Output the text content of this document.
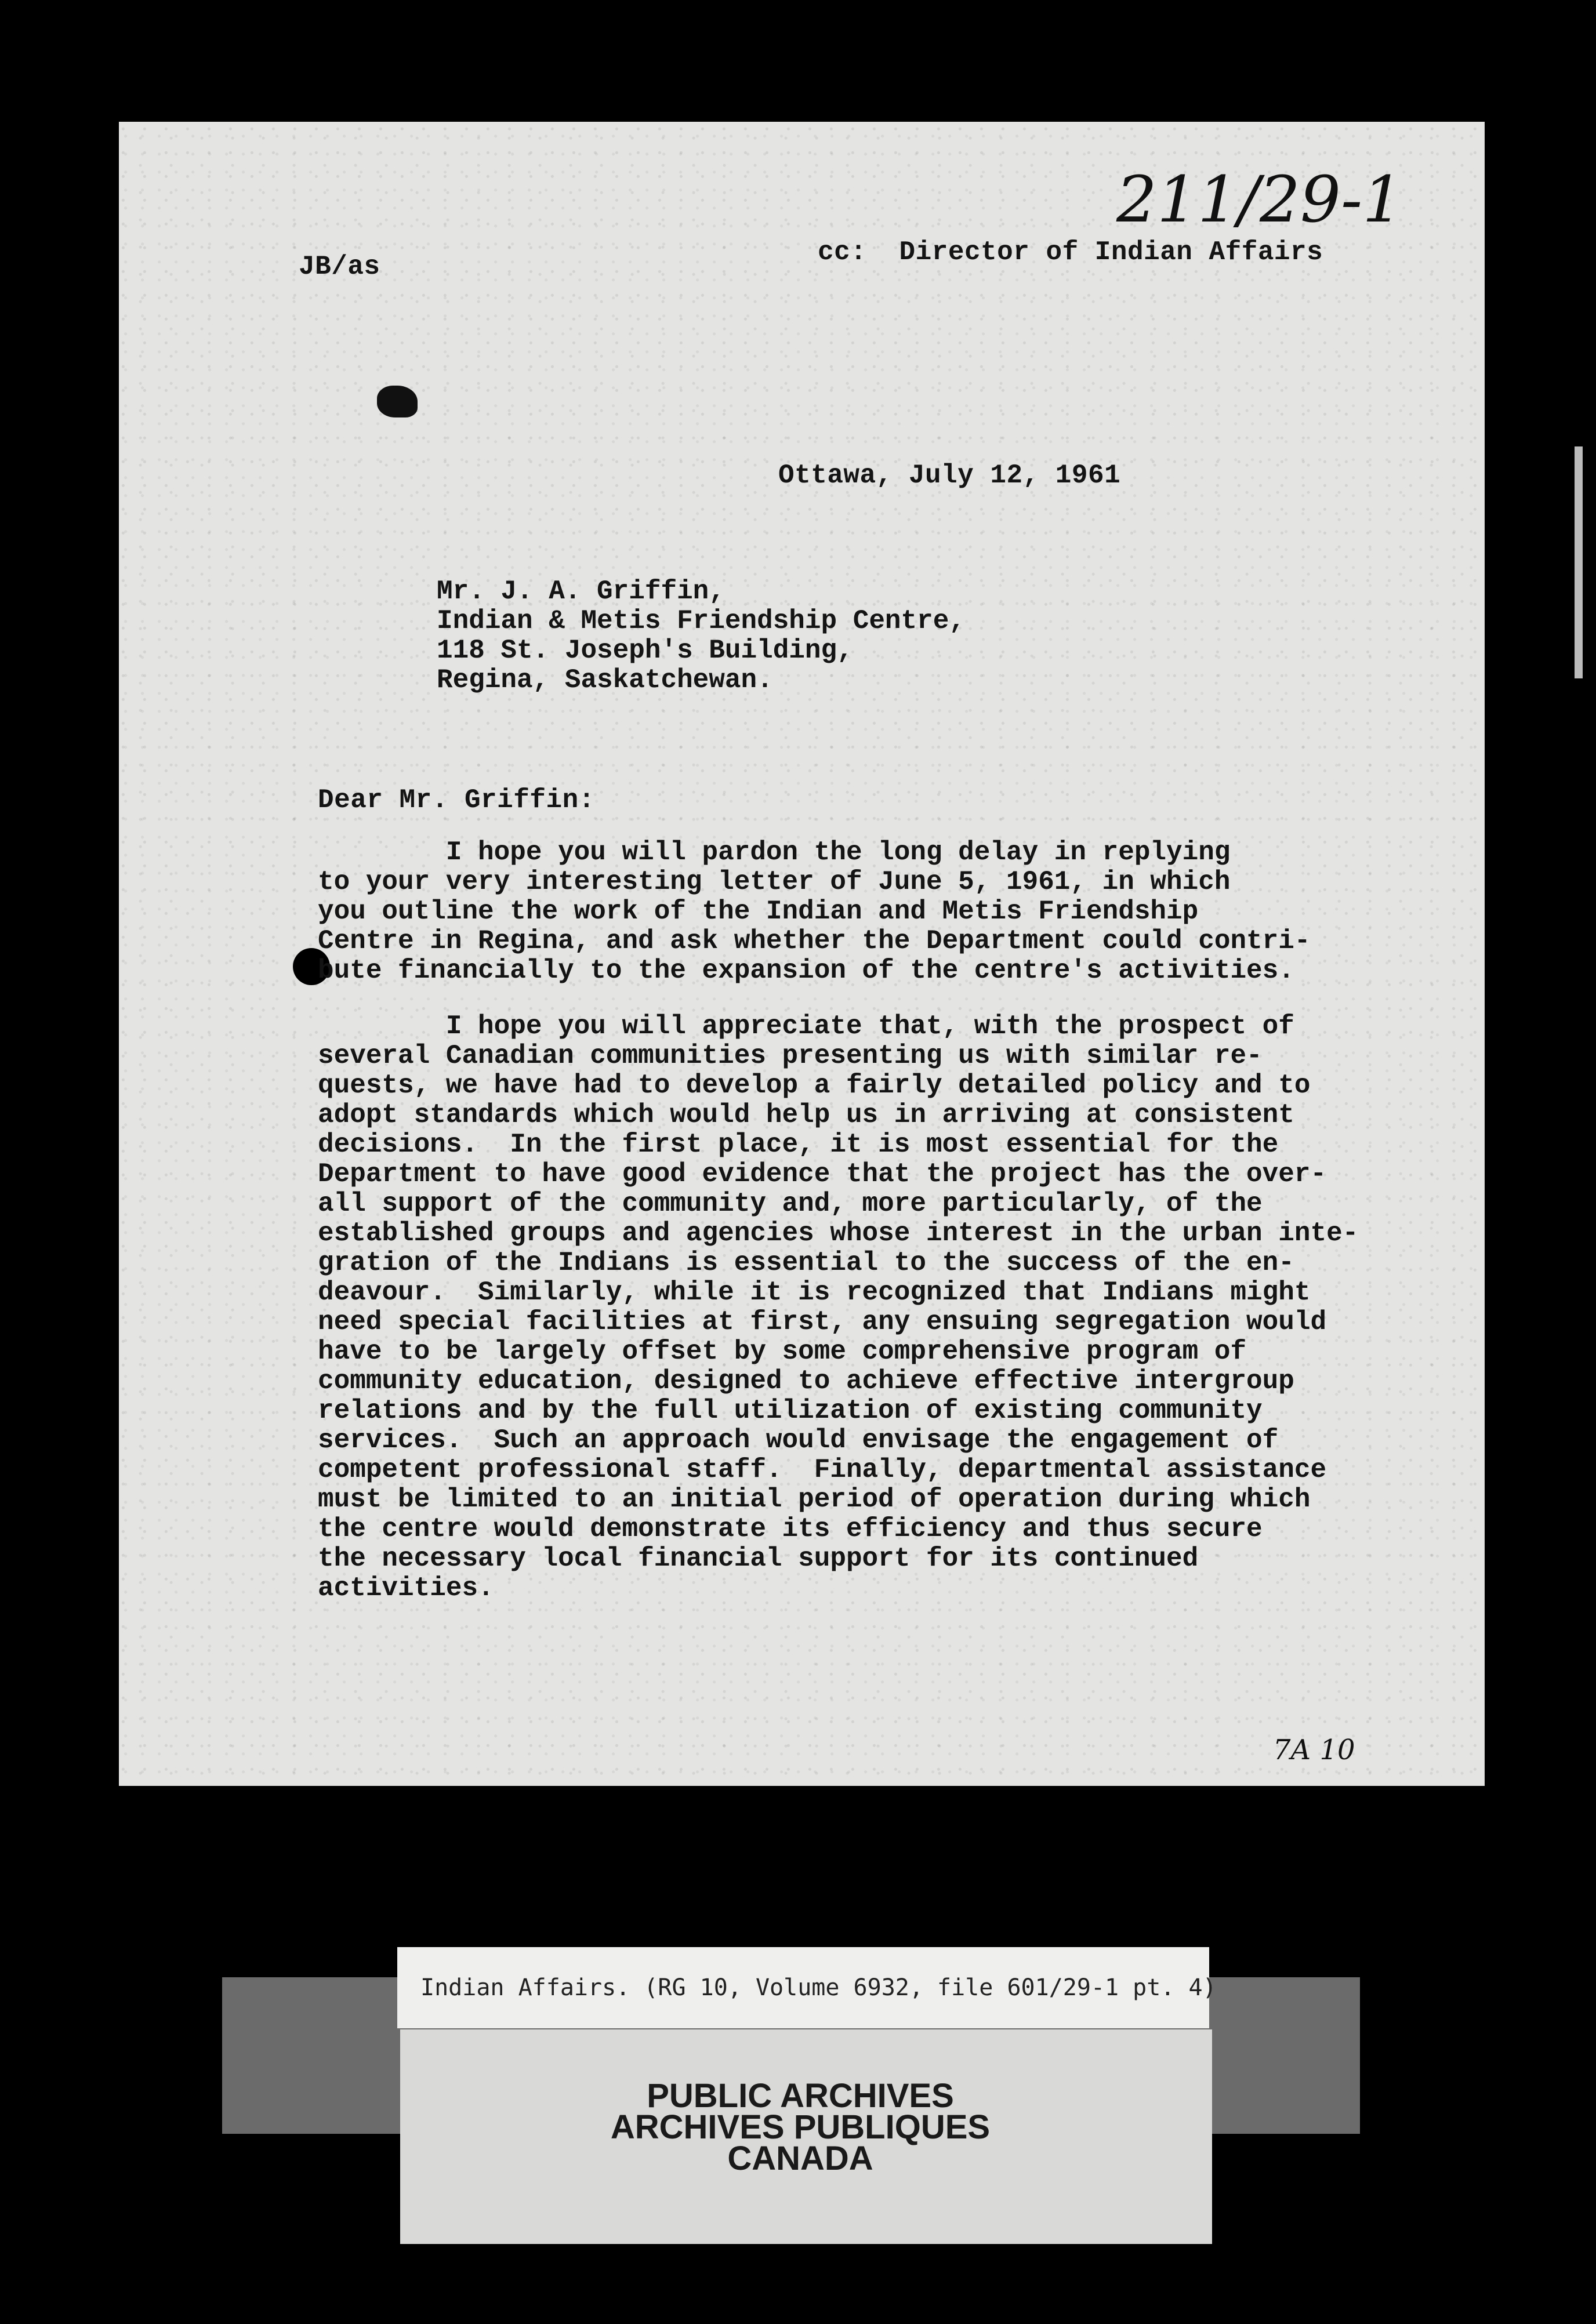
211/29-1
JB/as	cc:  Director of Indian Affairs
Ottawa, July 12, 1961
Mr. J. A. Griffin,
Indian & Metis Friendship Centre,
118 St. Joseph's Building,
Regina, Saskatchewan.
Dear Mr. Griffin:
I hope you will pardon the long delay in replying
to your very interesting letter of June 5, 1961, in which
you outline the work of the Indian and Metis Friendship
Centre in Regina, and ask whether the Department could contri-
bute financially to the expansion of the centre's activities.
I hope you will appreciate that, with the prospect of
several Canadian communities presenting us with similar re-
quests, we have had to develop a fairly detailed policy and to
adopt standards which would help us in arriving at consistent
decisions.  In the first place, it is most essential for the
Department to have good evidence that the project has the over-
all support of the community and, more particularly, of the
established groups and agencies whose interest in the urban inte-
gration of the Indians is essential to the success of the en-
deavour.  Similarly, while it is recognized that Indians might
need special facilities at first, any ensuing segregation would
have to be largely offset by some comprehensive program of
community education, designed to achieve effective intergroup
relations and by the full utilization of existing community
services.  Such an approach would envisage the engagement of
competent professional staff.  Finally, departmental assistance
must be limited to an initial period of operation during which
the centre would demonstrate its efficiency and thus secure
the necessary local financial support for its continued
activities.
7A 10
Indian Affairs. (RG 10, Volume 6932, file 601/29-1 pt. 4)
PUBLIC ARCHIVES
ARCHIVES PUBLIQUES
CANADA
